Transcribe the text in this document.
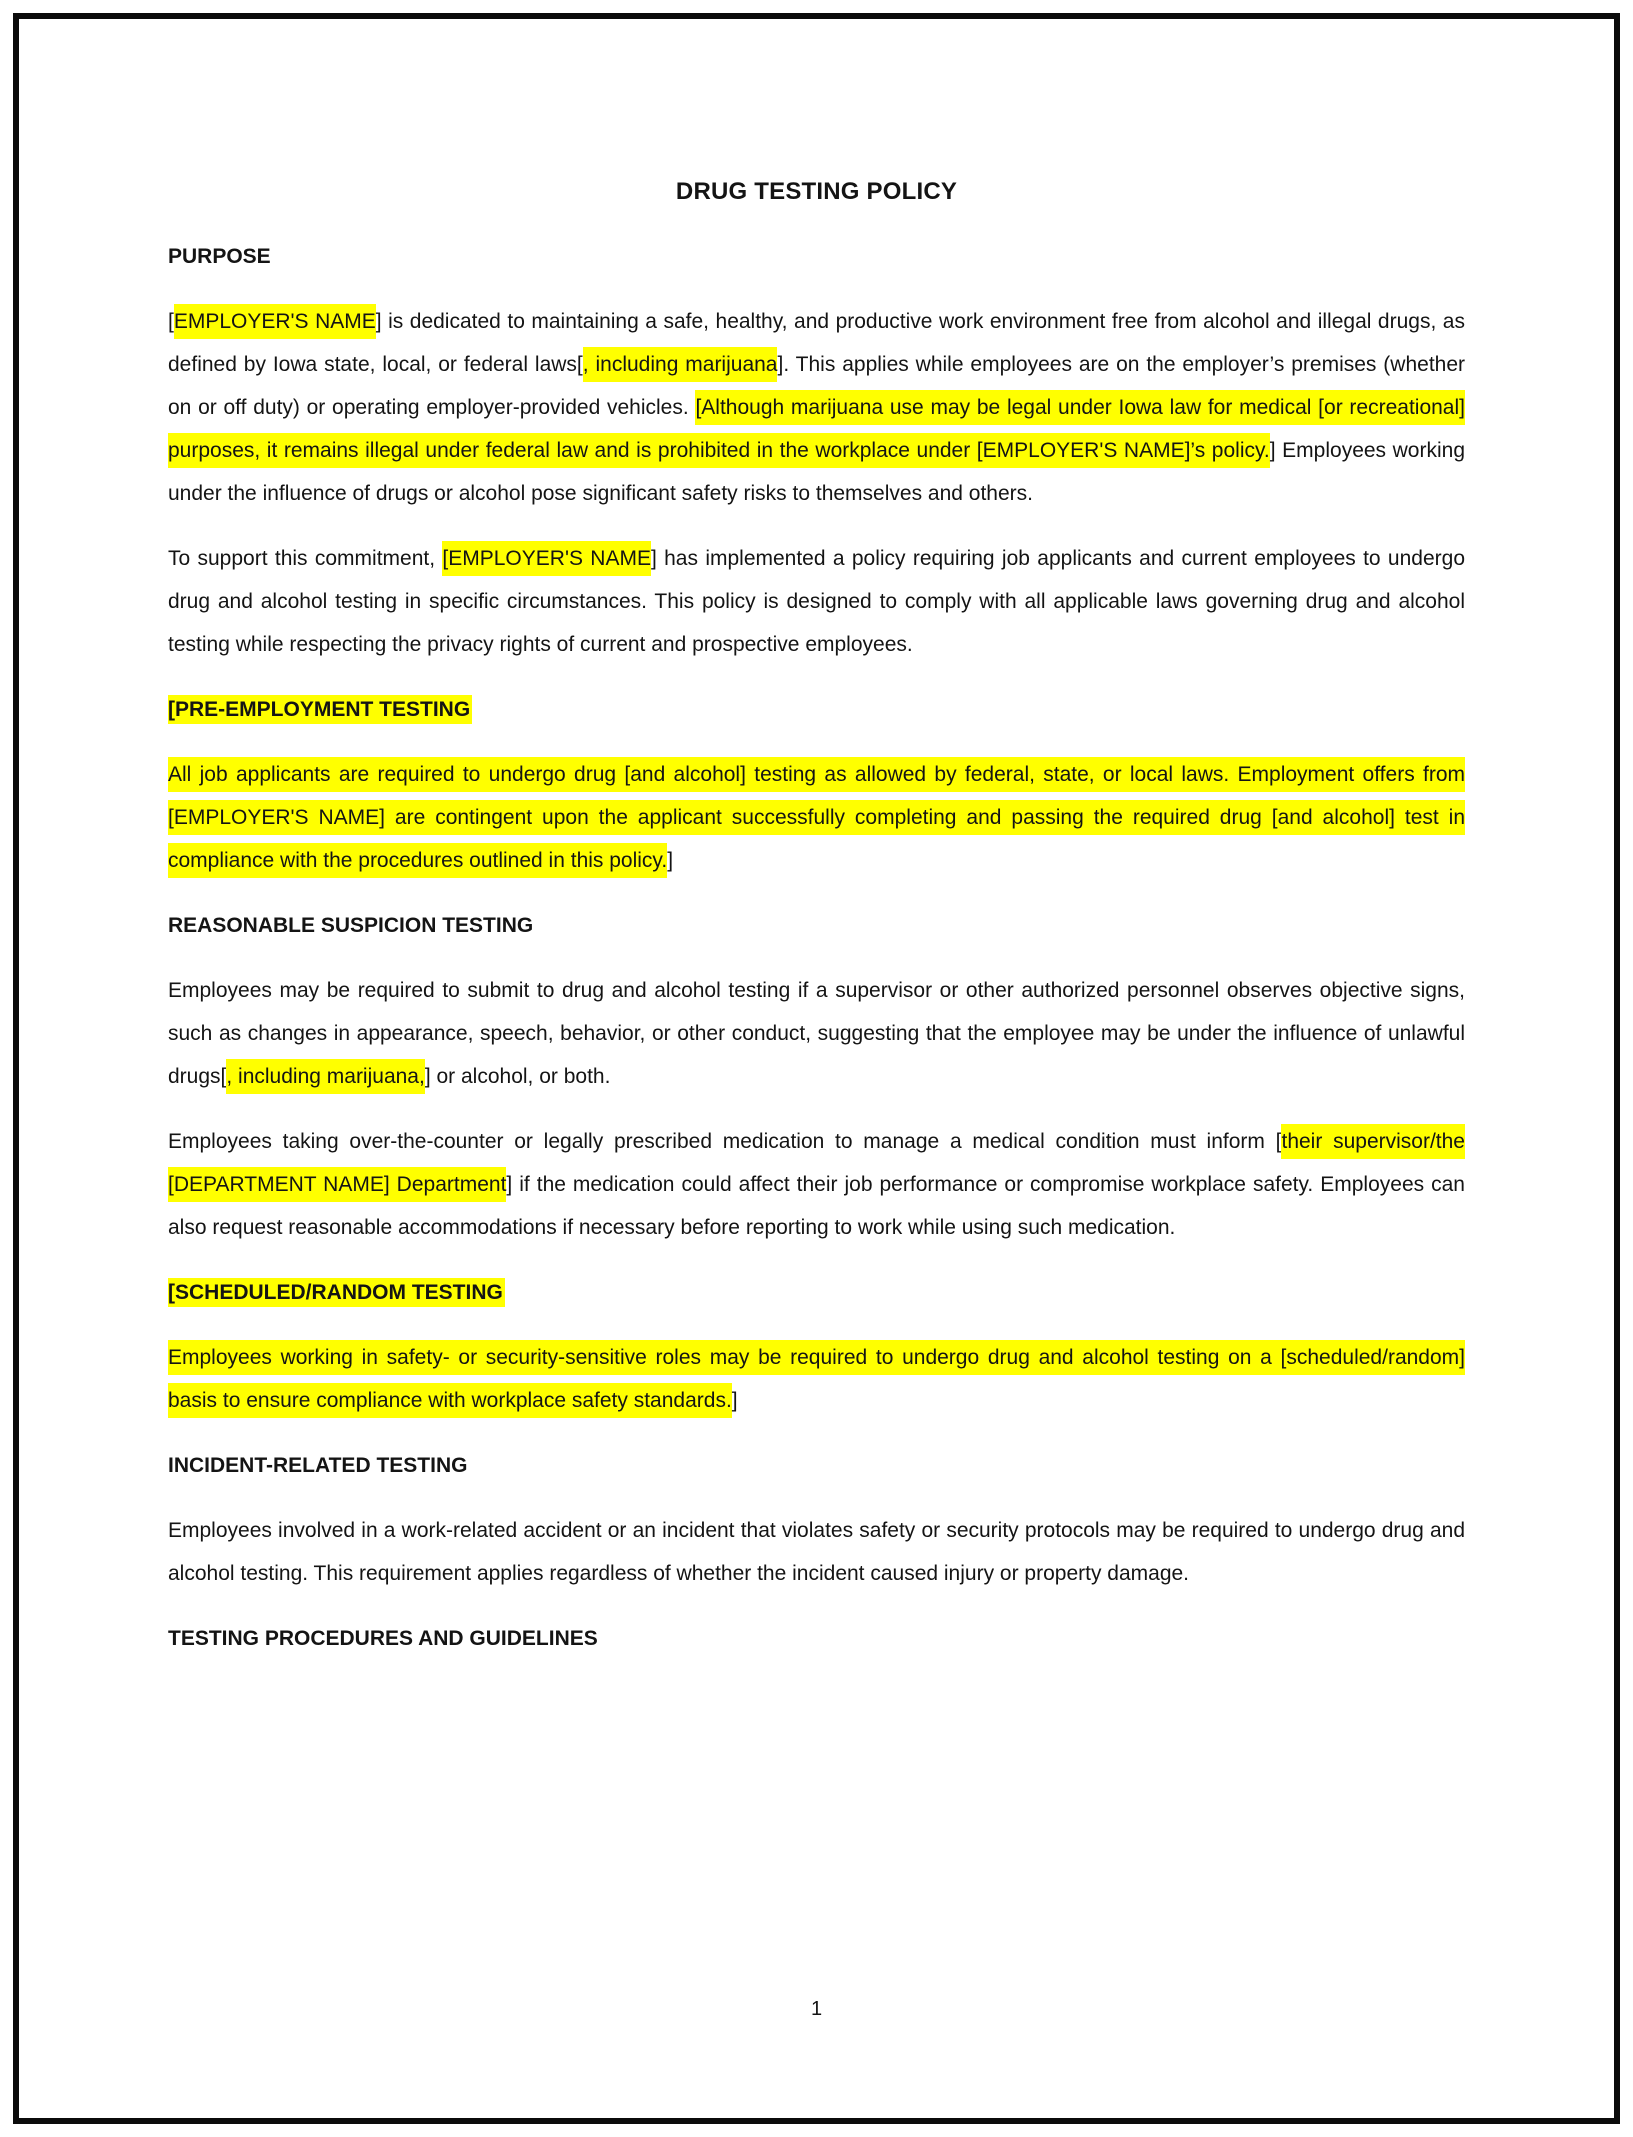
DRUG TESTING POLICY
PURPOSE

[EMPLOYER'S NAME] is dedicated to maintaining a safe, healthy, and productive work environment free from alcohol and illegal drugs, as defined by Iowa state, local, or federal laws[, including marijuana]. This applies while employees are on the employer’s premises (whether on or off duty) or operating employer-provided vehicles. [Although marijuana use may be legal under Iowa law for medical [or recreational] purposes, it remains illegal under federal law and is prohibited in the workplace under [EMPLOYER'S NAME]’s policy.] Employees working under the influence of drugs or alcohol pose significant safety risks to themselves and others.

To support this commitment, [EMPLOYER'S NAME] has implemented a policy requiring job applicants and current employees to undergo drug and alcohol testing in specific circumstances. This policy is designed to comply with all applicable laws governing drug and alcohol testing while respecting the privacy rights of current and prospective employees.

[PRE-EMPLOYMENT TESTING

All job applicants are required to undergo drug [and alcohol] testing as allowed by federal, state, or local laws. Employment offers from [EMPLOYER'S NAME] are contingent upon the applicant successfully completing and passing the required drug [and alcohol] test in compliance with the procedures outlined in this policy.]

REASONABLE SUSPICION TESTING

Employees may be required to submit to drug and alcohol testing if a supervisor or other authorized personnel observes objective signs, such as changes in appearance, speech, behavior, or other conduct, suggesting that the employee may be under the influence of unlawful drugs[, including marijuana,] or alcohol, or both.

Employees taking over-the-counter or legally prescribed medication to manage a medical condition must inform [their supervisor/the [DEPARTMENT NAME] Department] if the medication could affect their job performance or compromise workplace safety. Employees can also request reasonable accommodations if necessary before reporting to work while using such medication.

[SCHEDULED/RANDOM TESTING

Employees working in safety- or security-sensitive roles may be required to undergo drug and alcohol testing on a [scheduled/random] basis to ensure compliance with workplace safety standards.]

INCIDENT-RELATED TESTING

Employees involved in a work-related accident or an incident that violates safety or security protocols may be required to undergo drug and alcohol testing. This requirement applies regardless of whether the incident caused injury or property damage.

TESTING PROCEDURES AND GUIDELINES
1
